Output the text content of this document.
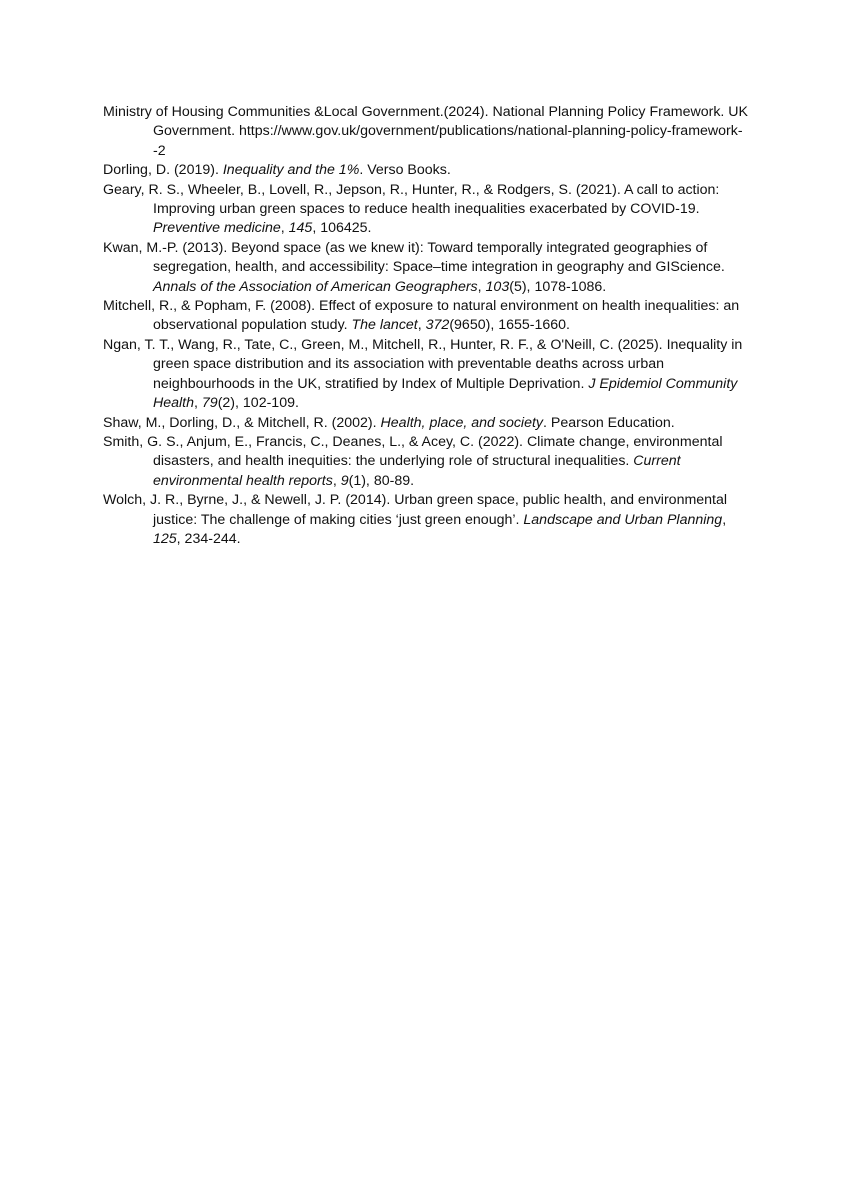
Ministry of Housing Communities &Local Government.(2024). National Planning Policy Framework. UK Government. https://www.gov.uk/government/publications/national-planning-policy-framework--2

Dorling, D. (2019). Inequality and the 1%. Verso Books.

Geary, R. S., Wheeler, B., Lovell, R., Jepson, R., Hunter, R., & Rodgers, S. (2021). A call to action: Improving urban green spaces to reduce health inequalities exacerbated by COVID-19. Preventive medicine, 145, 106425.

Kwan, M.-P. (2013). Beyond space (as we knew it): Toward temporally integrated geographies of segregation, health, and accessibility: Space–time integration in geography and GIScience. Annals of the Association of American Geographers, 103(5), 1078-1086.

Mitchell, R., & Popham, F. (2008). Effect of exposure to natural environment on health inequalities: an observational population study. The lancet, 372(9650), 1655-1660.

Ngan, T. T., Wang, R., Tate, C., Green, M., Mitchell, R., Hunter, R. F., & O'Neill, C. (2025). Inequality in green space distribution and its association with preventable deaths across urban neighbourhoods in the UK, stratified by Index of Multiple Deprivation. J Epidemiol Community Health, 79(2), 102-109.

Shaw, M., Dorling, D., & Mitchell, R. (2002). Health, place, and society. Pearson Education.

Smith, G. S., Anjum, E., Francis, C., Deanes, L., & Acey, C. (2022). Climate change, environmental disasters, and health inequities: the underlying role of structural inequalities. Current environmental health reports, 9(1), 80-89.

Wolch, J. R., Byrne, J., & Newell, J. P. (2014). Urban green space, public health, and environmental justice: The challenge of making cities ‘just green enough’. Landscape and Urban Planning, 125, 234-244.
